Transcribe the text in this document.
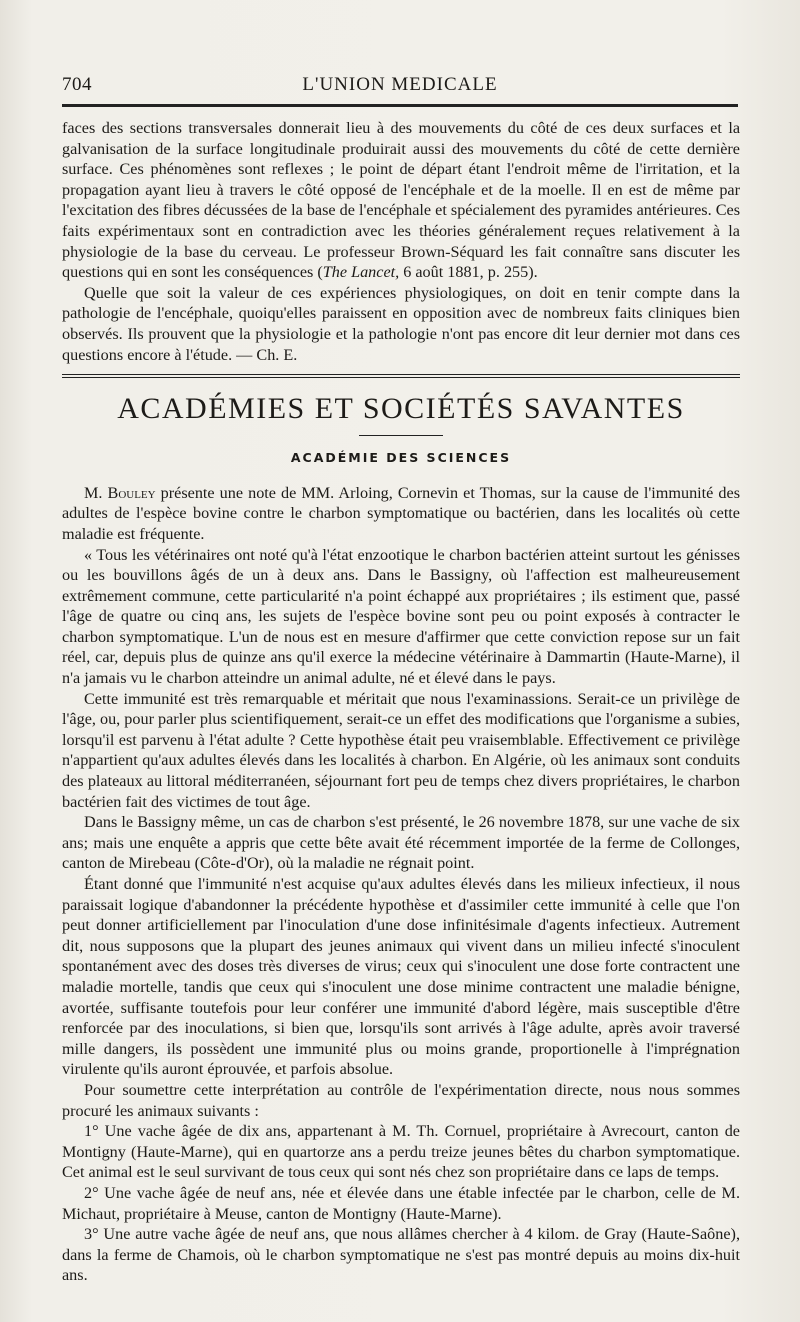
704	L'UNION MEDICALE

faces des sections transversales donnerait lieu à des mouvements du côté de ces deux surfaces et la galvanisation de la surface longitudinale produirait aussi des mouvements du côté de cette dernière surface. Ces phénomènes sont reflexes ; le point de départ étant l'endroit même de l'irritation, et la propagation ayant lieu à travers le côté opposé de l'encéphale et de la moelle. Il en est de même par l'excitation des fibres décussées de la base de l'encéphale et spécialement des pyramides antérieures. Ces faits expérimentaux sont en contradiction avec les théories généralement reçues relativement à la physiologie de la base du cerveau. Le professeur Brown-Séquard les fait connaître sans discuter les questions qui en sont les conséquences (The Lancet, 6 août 1881, p. 255).

Quelle que soit la valeur de ces expériences physiologiques, on doit en tenir compte dans la pathologie de l'encéphale, quoiqu'elles paraissent en opposition avec de nombreux faits cliniques bien observés. Ils prouvent que la physiologie et la pathologie n'ont pas encore dit leur dernier mot dans ces questions encore à l'étude. — Ch. E.

ACADÉMIES ET SOCIÉTÉS SAVANTES
ACADÉMIE DES SCIENCES

M. Bouley présente une note de MM. Arloing, Cornevin et Thomas, sur la cause de l'immunité des adultes de l'espèce bovine contre le charbon symptomatique ou bactérien, dans les localités où cette maladie est fréquente.

« Tous les vétérinaires ont noté qu'à l'état enzootique le charbon bactérien atteint surtout les génisses ou les bouvillons âgés de un à deux ans. Dans le Bassigny, où l'affection est malheureusement extrêmement commune, cette particularité n'a point échappé aux propriétaires ; ils estiment que, passé l'âge de quatre ou cinq ans, les sujets de l'espèce bovine sont peu ou point exposés à contracter le charbon symptomatique. L'un de nous est en mesure d'affirmer que cette conviction repose sur un fait réel, car, depuis plus de quinze ans qu'il exerce la médecine vétérinaire à Dammartin (Haute-Marne), il n'a jamais vu le charbon atteindre un animal adulte, né et élevé dans le pays.

Cette immunité est très remarquable et méritait que nous l'examinassions. Serait-ce un privilège de l'âge, ou, pour parler plus scientifiquement, serait-ce un effet des modifications que l'organisme a subies, lorsqu'il est parvenu à l'état adulte ? Cette hypothèse était peu vraisemblable. Effectivement ce privilège n'appartient qu'aux adultes élevés dans les localités à charbon. En Algérie, où les animaux sont conduits des plateaux au littoral méditerranéen, séjournant fort peu de temps chez divers propriétaires, le charbon bactérien fait des victimes de tout âge.

Dans le Bassigny même, un cas de charbon s'est présenté, le 26 novembre 1878, sur une vache de six ans; mais une enquête a appris que cette bête avait été récemment importée de la ferme de Collonges, canton de Mirebeau (Côte-d'Or), où la maladie ne régnait point.

Étant donné que l'immunité n'est acquise qu'aux adultes élevés dans les milieux infectieux, il nous paraissait logique d'abandonner la précédente hypothèse et d'assimiler cette immunité à celle que l'on peut donner artificiellement par l'inoculation d'une dose infinitésimale d'agents infectieux. Autrement dit, nous supposons que la plupart des jeunes animaux qui vivent dans un milieu infecté s'inoculent spontanément avec des doses très diverses de virus; ceux qui s'inoculent une dose forte contractent une maladie mortelle, tandis que ceux qui s'inoculent une dose minime contractent une maladie bénigne, avortée, suffisante toutefois pour leur conférer une immunité d'abord légère, mais susceptible d'être renforcée par des inoculations, si bien que, lorsqu'ils sont arrivés à l'âge adulte, après avoir traversé mille dangers, ils possèdent une immunité plus ou moins grande, proportionelle à l'imprégnation virulente qu'ils auront éprouvée, et parfois absolue.

Pour soumettre cette interprétation au contrôle de l'expérimentation directe, nous nous sommes procuré les animaux suivants :

1° Une vache âgée de dix ans, appartenant à M. Th. Cornuel, propriétaire à Avrecourt, canton de Montigny (Haute-Marne), qui en quartorze ans a perdu treize jeunes bêtes du charbon symptomatique. Cet animal est le seul survivant de tous ceux qui sont nés chez son propriétaire dans ce laps de temps.

2° Une vache âgée de neuf ans, née et élevée dans une étable infectée par le charbon, celle de M. Michaut, propriétaire à Meuse, canton de Montigny (Haute-Marne).

3° Une autre vache âgée de neuf ans, que nous allâmes chercher à 4 kilom. de Gray (Haute-Saône), dans la ferme de Chamois, où le charbon symptomatique ne s'est pas montré depuis au moins dix-huit ans.
